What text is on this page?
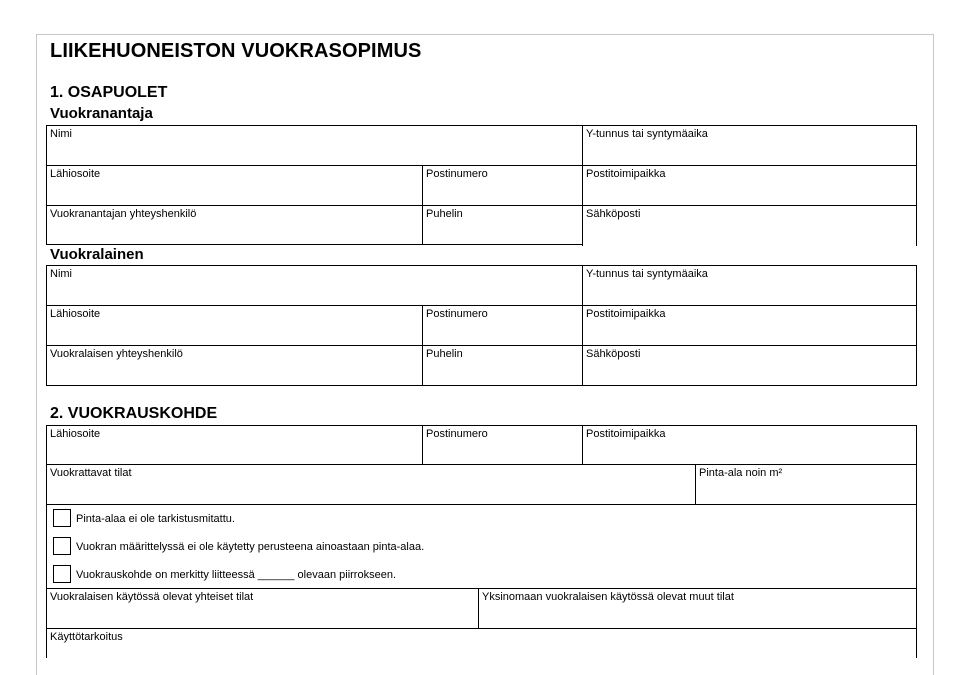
LIIKEHUONEISTON VUOKRASOPIMUS
1. OSAPUOLET
Vuokranantaja
Nimi	Y-tunnus tai syntymäaika
Lähiosoite	Postinumero	Postitoimipaikka
Vuokranantajan yhteyshenkilö	Puhelin	Sähköposti
Vuokralainen
Nimi	Y-tunnus tai syntymäaika
Lähiosoite	Postinumero	Postitoimipaikka
Vuokralaisen yhteyshenkilö	Puhelin	Sähköposti
2. VUOKRAUSKOHDE
Lähiosoite	Postinumero	Postitoimipaikka
Vuokrattavat tilat	Pinta-ala noin m²
Pinta-alaa ei ole tarkistusmitattu.
Vuokran määrittelyssä ei ole käytetty perusteena ainoastaan pinta-alaa.
Vuokrauskohde on merkitty liitteessä ______ olevaan piirrokseen.
Vuokralaisen käytössä olevat yhteiset tilat	Yksinomaan vuokralaisen käytössä olevat muut tilat
Käyttötarkoitus
